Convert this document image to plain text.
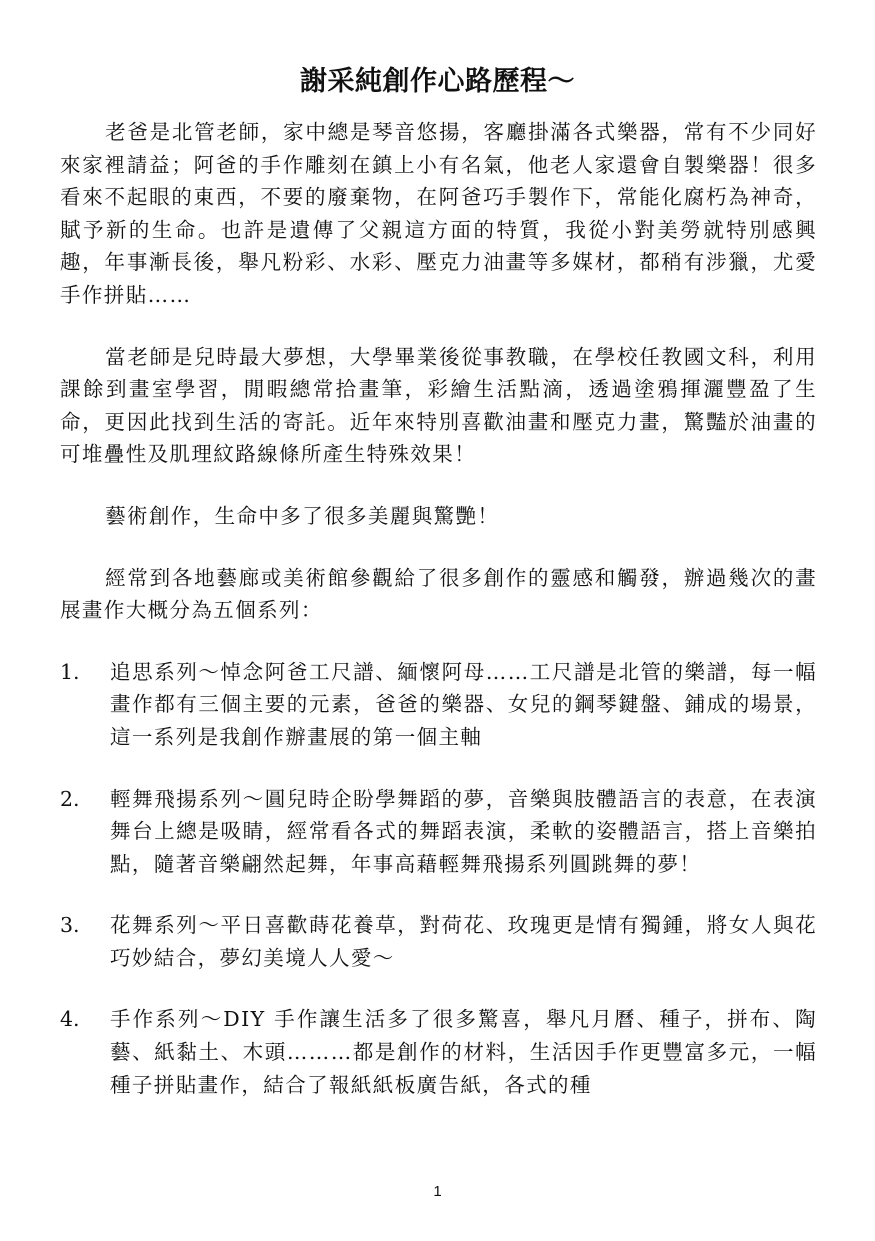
謝采純創作心路歷程～

老爸是北管老師，家中總是琴音悠揚，客廳掛滿各式樂器，常有不少同好來家裡請益；阿爸的手作雕刻在鎮上小有名氣，他老人家還會自製樂器！很多看來不起眼的東西，不要的廢棄物，在阿爸巧手製作下，常能化腐朽為神奇，賦予新的生命。也許是遺傳了父親這方面的特質，我從小對美勞就特別感興趣，年事漸長後，舉凡粉彩、水彩、壓克力油畫等多媒材，都稍有涉獵，尤愛手作拼貼……

當老師是兒時最大夢想，大學畢業後從事教職，在學校任教國文科，利用課餘到畫室學習，閒暇總常拾畫筆，彩繪生活點滴，透過塗鴉揮灑豐盈了生命，更因此找到生活的寄託。近年來特別喜歡油畫和壓克力畫，驚豔於油畫的可堆疊性及肌理紋路線條所產生特殊效果！

藝術創作，生命中多了很多美麗與驚艷！

經常到各地藝廊或美術館參觀給了很多創作的靈感和觸發，辦過幾次的畫展畫作大概分為五個系列：

1. 追思系列～悼念阿爸工尺譜、緬懷阿母……工尺譜是北管的樂譜，每一幅畫作都有三個主要的元素，爸爸的樂器、女兒的鋼琴鍵盤、鋪成的場景，這一系列是我創作辦畫展的第一個主軸
2. 輕舞飛揚系列～圓兒時企盼學舞蹈的夢，音樂與肢體語言的表意，在表演舞台上總是吸睛，經常看各式的舞蹈表演，柔軟的姿體語言，搭上音樂拍點，隨著音樂翩然起舞，年事高藉輕舞飛揚系列圓跳舞的夢！
3. 花舞系列～平日喜歡蒔花養草，對荷花、玫瑰更是情有獨鍾，將女人與花巧妙結合，夢幻美境人人愛～
4. 手作系列～DIY 手作讓生活多了很多驚喜，舉凡月曆、種子，拼布、陶藝、紙黏土、木頭………都是創作的材料，生活因手作更豐富多元，一幅種子拼貼畫作，結合了報紙紙板廣告紙，各式的種
1
